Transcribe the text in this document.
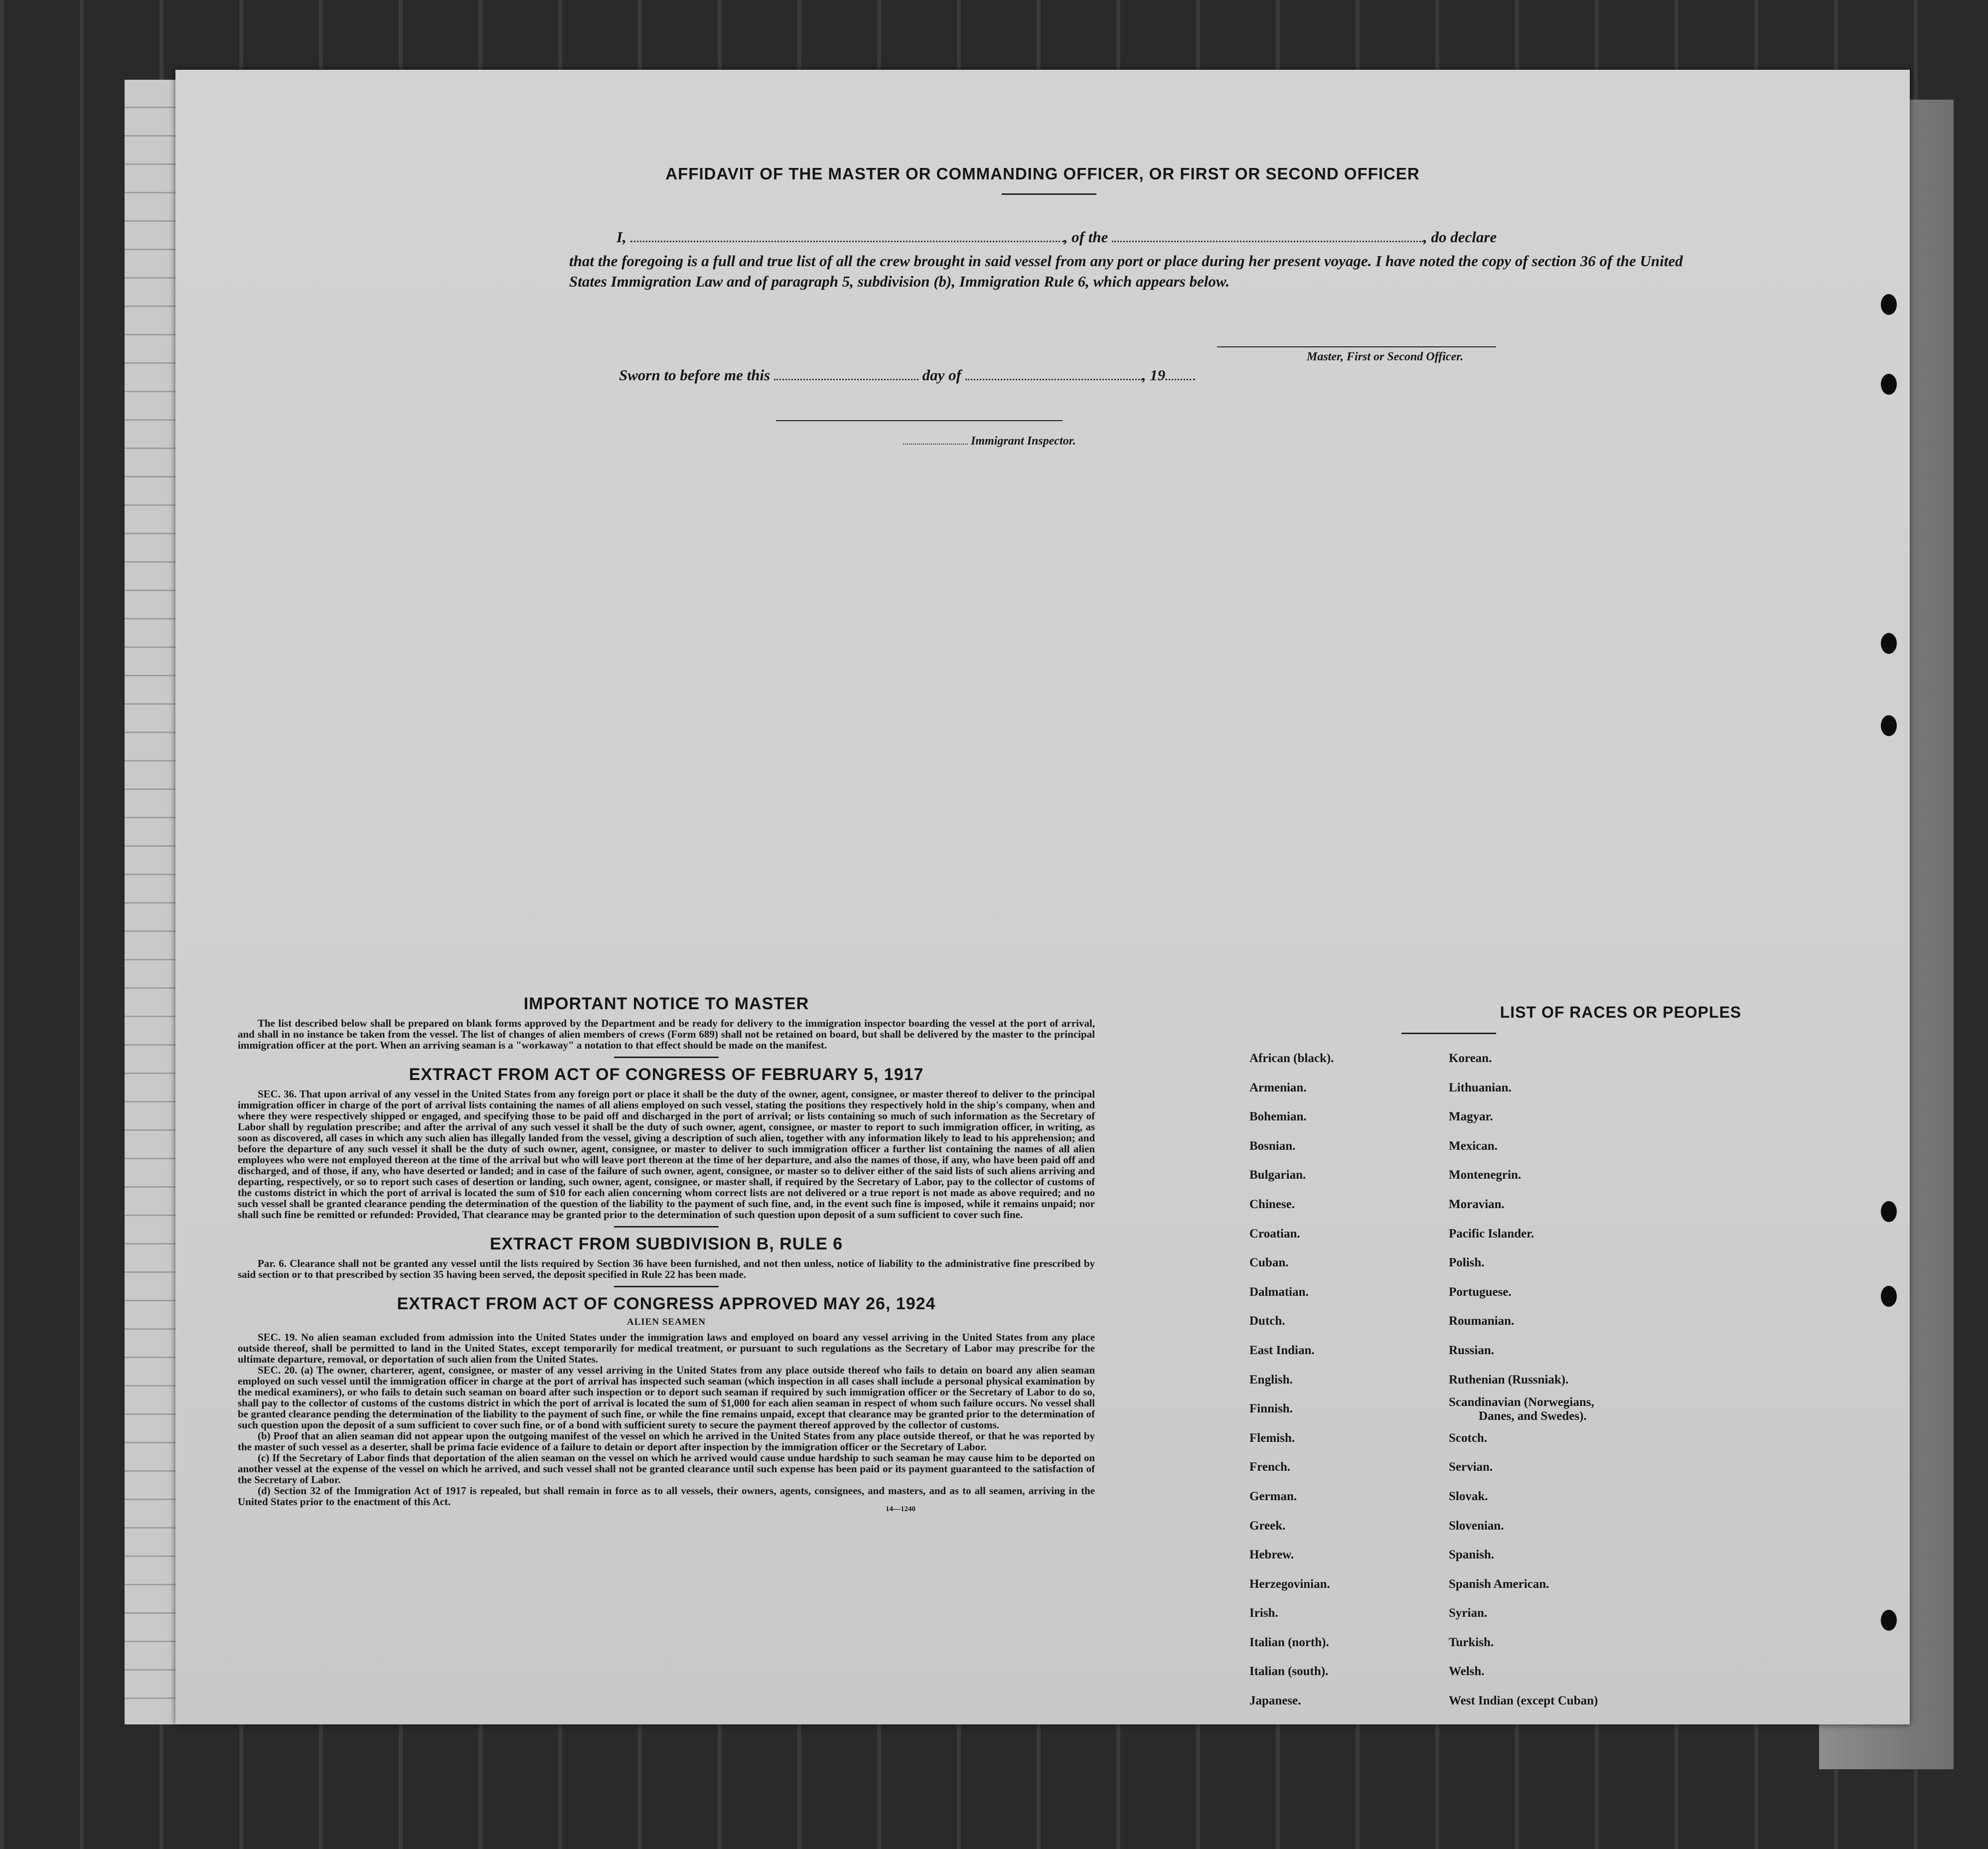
AFFIDAVIT OF THE MASTER OR COMMANDING OFFICER, OR FIRST OR SECOND OFFICER
I,	, of the	, do declare
that the foregoing is a full and true list of all the crew brought in said vessel from any port or place during her present voyage. I have noted the copy of section 36 of the United States Immigration Law and of paragraph 5, subdivision (b), Immigration Rule 6, which appears below.
Master, First or Second Officer.
Sworn to before me this	day of	, 19
Immigrant Inspector.
IMPORTANT NOTICE TO MASTER

The list described below shall be prepared on blank forms approved by the Department and be ready for delivery to the immigration inspector boarding the vessel at the port of arrival, and shall in no instance be taken from the vessel. The list of changes of alien members of crews (Form 689) shall not be retained on board, but shall be delivered by the master to the principal immigration officer at the port. When an arriving seaman is a "workaway" a notation to that effect should be made on the manifest.

EXTRACT FROM ACT OF CONGRESS OF FEBRUARY 5, 1917

SEC. 36. That upon arrival of any vessel in the United States from any foreign port or place it shall be the duty of the owner, agent, consignee, or master thereof to deliver to the principal immigration officer in charge of the port of arrival lists containing the names of all aliens employed on such vessel, stating the positions they respectively hold in the ship's company, when and where they were respectively shipped or engaged, and specifying those to be paid off and discharged in the port of arrival; or lists containing so much of such information as the Secretary of Labor shall by regulation prescribe; and after the arrival of any such vessel it shall be the duty of such owner, agent, consignee, or master to report to such immigration officer, in writing, as soon as discovered, all cases in which any such alien has illegally landed from the vessel, giving a description of such alien, together with any information likely to lead to his apprehension; and before the departure of any such vessel it shall be the duty of such owner, agent, consignee, or master to deliver to such immigration officer a further list containing the names of all alien employees who were not employed thereon at the time of the arrival but who will leave port thereon at the time of her departure, and also the names of those, if any, who have been paid off and discharged, and of those, if any, who have deserted or landed; and in case of the failure of such owner, agent, consignee, or master so to deliver either of the said lists of such aliens arriving and departing, respectively, or so to report such cases of desertion or landing, such owner, agent, consignee, or master shall, if required by the Secretary of Labor, pay to the collector of customs of the customs district in which the port of arrival is located the sum of $10 for each alien concerning whom correct lists are not delivered or a true report is not made as above required; and no such vessel shall be granted clearance pending the determination of the question of the liability to the payment of such fine, and, in the event such fine is imposed, while it remains unpaid; nor shall such fine be remitted or refunded: Provided, That clearance may be granted prior to the determination of such question upon deposit of a sum sufficient to cover such fine.

EXTRACT FROM SUBDIVISION B, RULE 6

Par. 6. Clearance shall not be granted any vessel until the lists required by Section 36 have been furnished, and not then unless, notice of liability to the administrative fine prescribed by said section or to that prescribed by section 35 having been served, the deposit specified in Rule 22 has been made.

EXTRACT FROM ACT OF CONGRESS APPROVED MAY 26, 1924
ALIEN SEAMEN

SEC. 19. No alien seaman excluded from admission into the United States under the immigration laws and employed on board any vessel arriving in the United States from any place outside thereof, shall be permitted to land in the United States, except temporarily for medical treatment, or pursuant to such regulations as the Secretary of Labor may prescribe for the ultimate departure, removal, or deportation of such alien from the United States.

SEC. 20. (a) The owner, charterer, agent, consignee, or master of any vessel arriving in the United States from any place outside thereof who fails to detain on board any alien seaman employed on such vessel until the immigration officer in charge at the port of arrival has inspected such seaman (which inspection in all cases shall include a personal physical examination by the medical examiners), or who fails to detain such seaman on board after such inspection or to deport such seaman if required by such immigration officer or the Secretary of Labor to do so, shall pay to the collector of customs of the customs district in which the port of arrival is located the sum of $1,000 for each alien seaman in respect of whom such failure occurs. No vessel shall be granted clearance pending the determination of the liability to the payment of such fine, or while the fine remains unpaid, except that clearance may be granted prior to the determination of such question upon the deposit of a sum sufficient to cover such fine, or of a bond with sufficient surety to secure the payment thereof approved by the collector of customs.

(b) Proof that an alien seaman did not appear upon the outgoing manifest of the vessel on which he arrived in the United States from any place outside thereof, or that he was reported by the master of such vessel as a deserter, shall be prima facie evidence of a failure to detain or deport after inspection by the immigration officer or the Secretary of Labor.

(c) If the Secretary of Labor finds that deportation of the alien seaman on the vessel on which he arrived would cause undue hardship to such seaman he may cause him to be deported on another vessel at the expense of the vessel on which he arrived, and such vessel shall not be granted clearance until such expense has been paid or its payment guaranteed to the satisfaction of the Secretary of Labor.

(d) Section 32 of the Immigration Act of 1917 is repealed, but shall remain in force as to all vessels, their owners, agents, consignees, and masters, and as to all seamen, arriving in the United States prior to the enactment of this Act.

14—1240
LIST OF RACES OR PEOPLES
African (black).
Armenian.
Bohemian.
Bosnian.
Bulgarian.
Chinese.
Croatian.
Cuban.
Dalmatian.
Dutch.
East Indian.
English.
Finnish.
Flemish.
French.
German.
Greek.
Hebrew.
Herzegovinian.
Irish.
Italian (north).
Italian (south).
Japanese.
Korean.
Lithuanian.
Magyar.
Mexican.
Montenegrin.
Moravian.
Pacific Islander.
Polish.
Portuguese.
Roumanian.
Russian.
Ruthenian (Russniak).
Scandinavian (Norwegians,
Danes, and Swedes).
Scotch.
Servian.
Slovak.
Slovenian.
Spanish.
Spanish American.
Syrian.
Turkish.
Welsh.
West Indian (except Cuban)
